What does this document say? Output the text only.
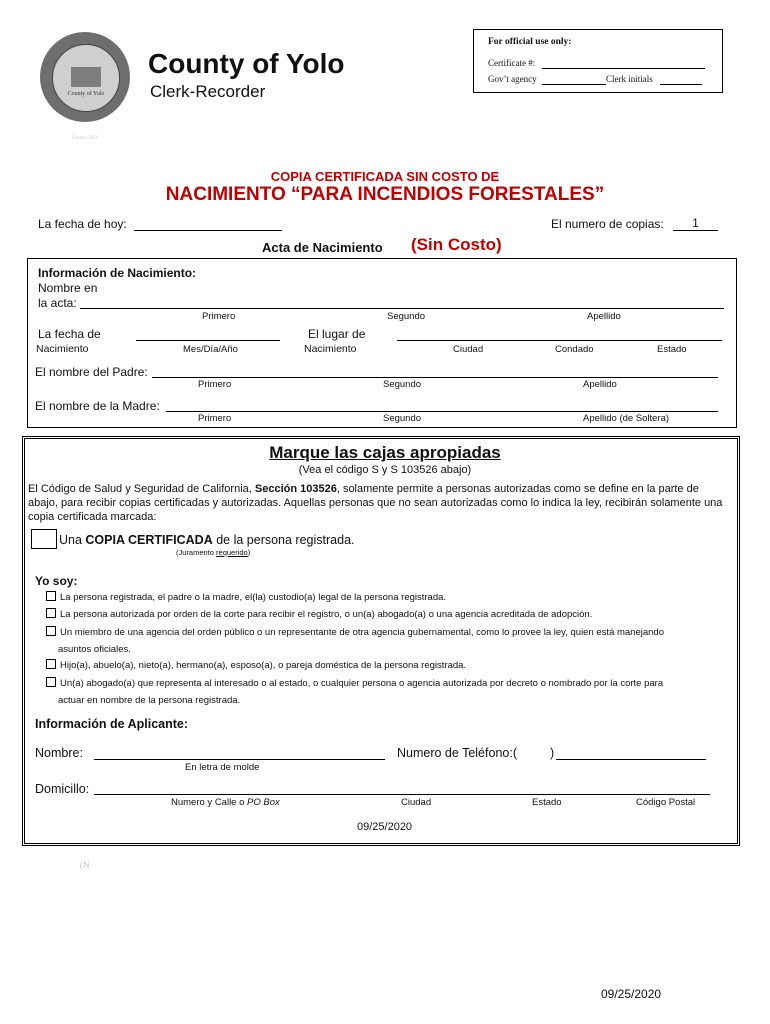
County of Yolo
Formed 1850
County of Yolo
Clerk-Recorder
For official use only:
Certificate #:
Gov’t agency	Clerk initials
COPIA CERTIFICADA SIN COSTO DE
NACIMIENTO “PARA INCENDIOS FORESTALES”
La fecha de hoy:	El numero de copias:	1
Acta de Nacimiento (Sin Costo)
Información de Nacimiento:
Nombre en
la acta:
Primero	Segundo	Apellido
La fecha de
Nacimiento	Mes/Día/Año
El lugar de
Nacimiento	Ciudad	Condado	Estado
El nombre del Padre:
Primero	Segundo	Apellido
El nombre de la Madre:
Primero	Segundo	Apellido (de Soltera)
Marque las cajas apropiadas
(Vea el código S y S 103526 abajo)
El Código de Salud y Seguridad de California, Sección 103526, solamente permite a personas autorizadas como se define en la parte de abajo, para recibir copias certificadas y autorizadas. Aquellas personas que no sean autorizadas como lo indica la ley, recibirán solamente una copia certificada marcada:
Una COPIA CERTIFICADA de la persona registrada.
(Juramento requerido)
Yo soy:
La persona registrada, el padre o la madre, el(la) custodio(a) legal de la persona registrada.
La persona autorizada por orden de la corte para recibir el registro, o un(a) abogado(a) o una agencia acreditada de adopción.
Un miembro de una agencia del orden público o un representante de otra agencia gubernamental, como lo provee la ley, quien está manejando
asuntos oficiales.
Hijo(a), abuelo(a), nieto(a), hermano(a), esposo(a), o pareja doméstica de la persona registrada.
Un(a) abogado(a) que representa al interesado o al estado, o cualquier persona o agencia autorizada por decreto o nombrado por la corte para
actuar en nombre de la persona registrada.
Información de Aplicante:
Nombre:
En letra de molde
Numero de Teléfono:(	)
Domicillo:
Numero y Calle o PO Box	Ciudad	Estado	Código Postal
09/25/2020
(N
09/25/2020
